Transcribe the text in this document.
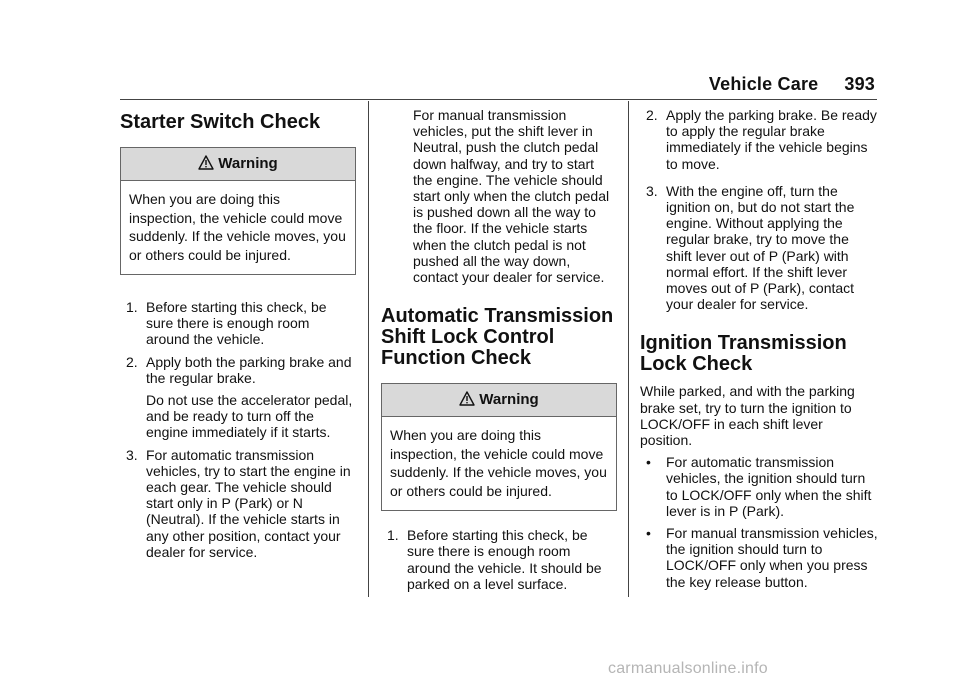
Vehicle Care 393
Starter Switch Check
Warning
When you are doing this inspection, the vehicle could move suddenly. If the vehicle moves, you or others could be injured.
1. Before starting this check, be sure there is enough room around the vehicle.

2. Apply both the parking brake and the regular brake.

Do not use the accelerator pedal, and be ready to turn off the engine immediately if it starts.

3. For automatic transmission vehicles, try to start the engine in each gear. The vehicle should start only in P (Park) or N (Neutral). If the vehicle starts in any other position, contact your dealer for service.

For manual transmission vehicles, put the shift lever in Neutral, push the clutch pedal down halfway, and try to start the engine. The vehicle should start only when the clutch pedal is pushed down all the way to the floor. If the vehicle starts when the clutch pedal is not pushed all the way down, contact your dealer for service.
Automatic Transmission Shift Lock Control Function Check
Warning
When you are doing this inspection, the vehicle could move suddenly. If the vehicle moves, you or others could be injured.
1. Before starting this check, be sure there is enough room around the vehicle. It should be parked on a level surface.

2. Apply the parking brake. Be ready to apply the regular brake immediately if the vehicle begins to move.

3. With the engine off, turn the ignition on, but do not start the engine. Without applying the regular brake, try to move the shift lever out of P (Park) with normal effort. If the shift lever moves out of P (Park), contact your dealer for service.

Ignition Transmission Lock Check

While parked, and with the parking brake set, try to turn the ignition to LOCK/OFF in each shift lever position.

• For automatic transmission vehicles, the ignition should turn to LOCK/OFF only when the shift lever is in P (Park).
• For manual transmission vehicles, the ignition should turn to LOCK/OFF only when you press the key release button.
carmanualsonline.info
